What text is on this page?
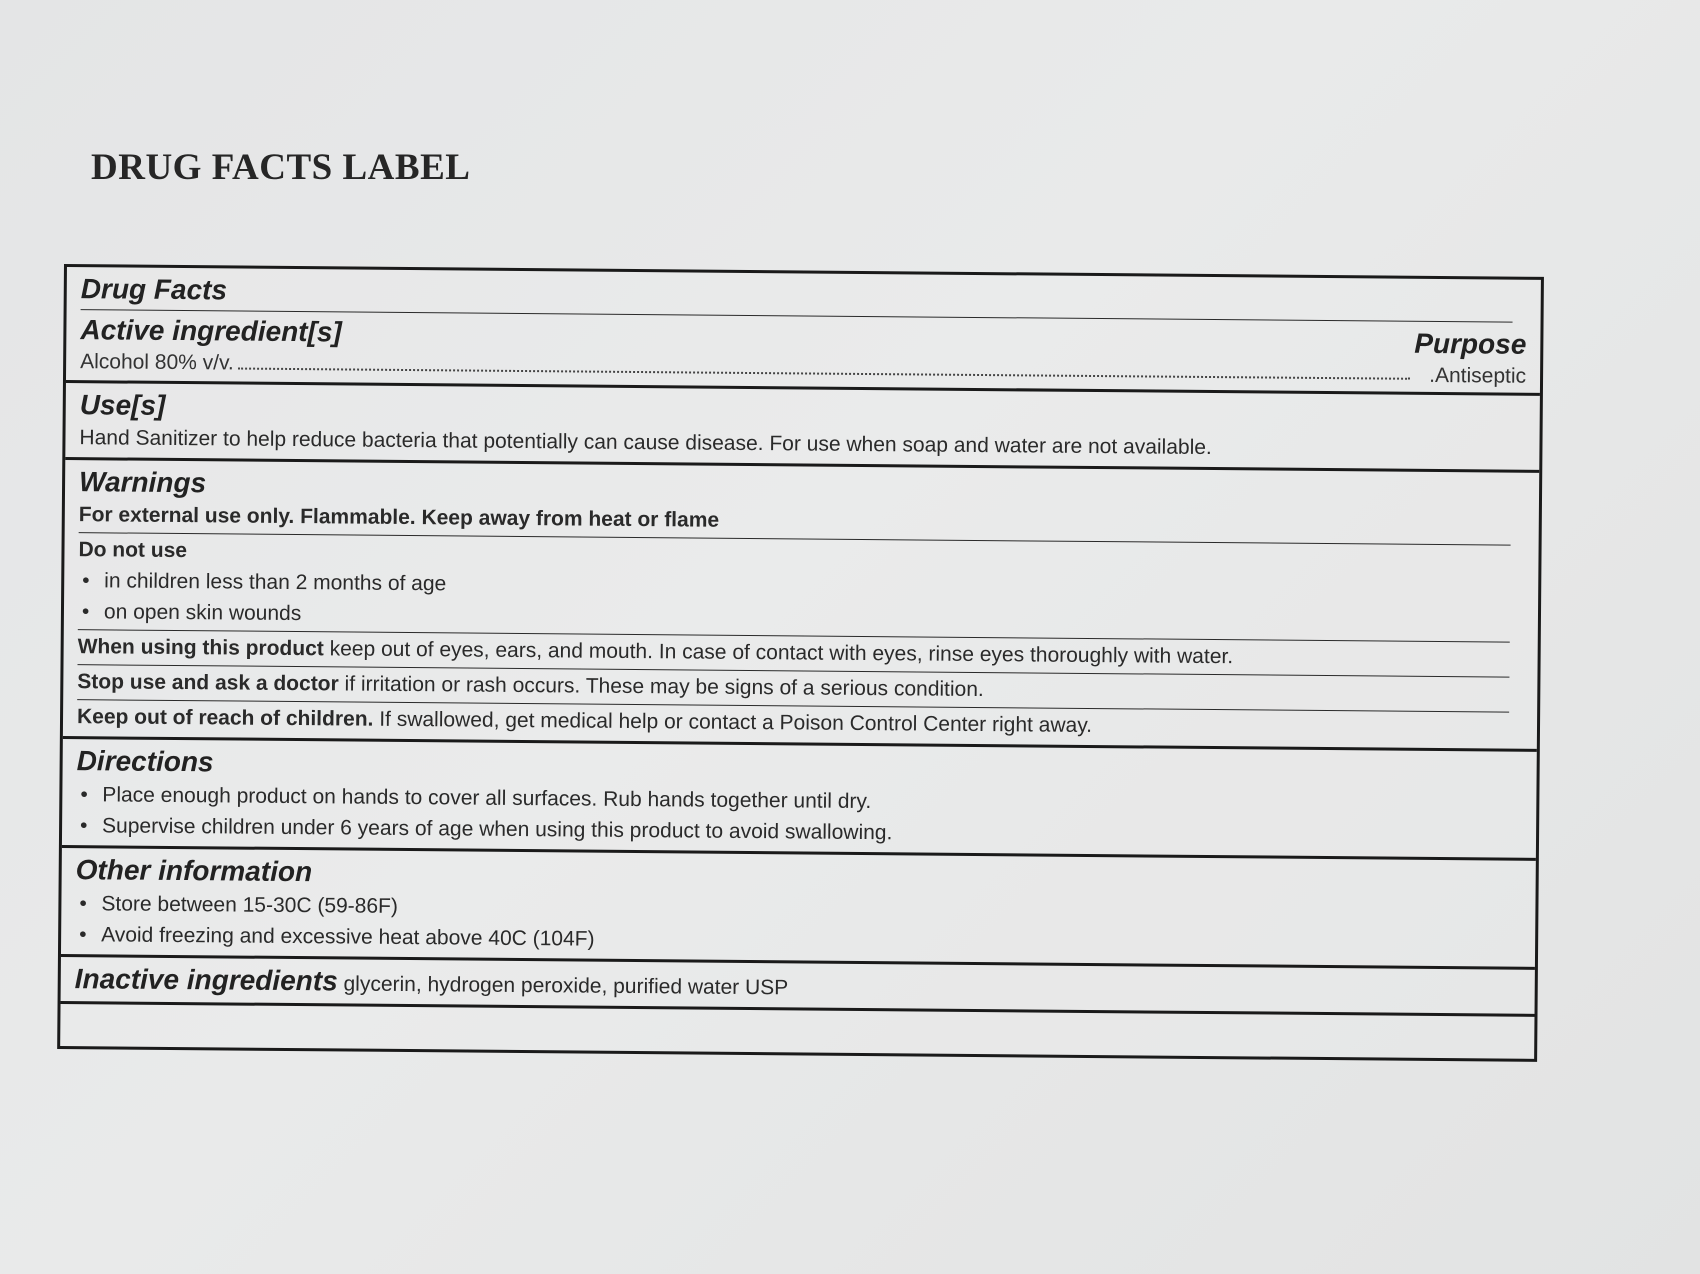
DRUG FACTS LABEL
Drug Facts
Active ingredient[s]
Alcohol 80% v/v.
Purpose
.Antiseptic
Use[s]
Hand Sanitizer to help reduce bacteria that potentially can cause disease. For use when soap and water are not available.
Warnings
For external use only. Flammable. Keep away from heat or flame
Do not use
• in children less than 2 months of age
• on open skin wounds
When using this product keep out of eyes, ears, and mouth. In case of contact with eyes, rinse eyes thoroughly with water.
Stop use and ask a doctor if irritation or rash occurs. These may be signs of a serious condition.
Keep out of reach of children. If swallowed, get medical help or contact a Poison Control Center right away.
Directions
• Place enough product on hands to cover all surfaces. Rub hands together until dry.
• Supervise children under 6 years of age when using this product to avoid swallowing.
Other information
• Store between 15-30C (59-86F)
• Avoid freezing and excessive heat above 40C (104F)
Inactive ingredients glycerin, hydrogen peroxide, purified water USP
